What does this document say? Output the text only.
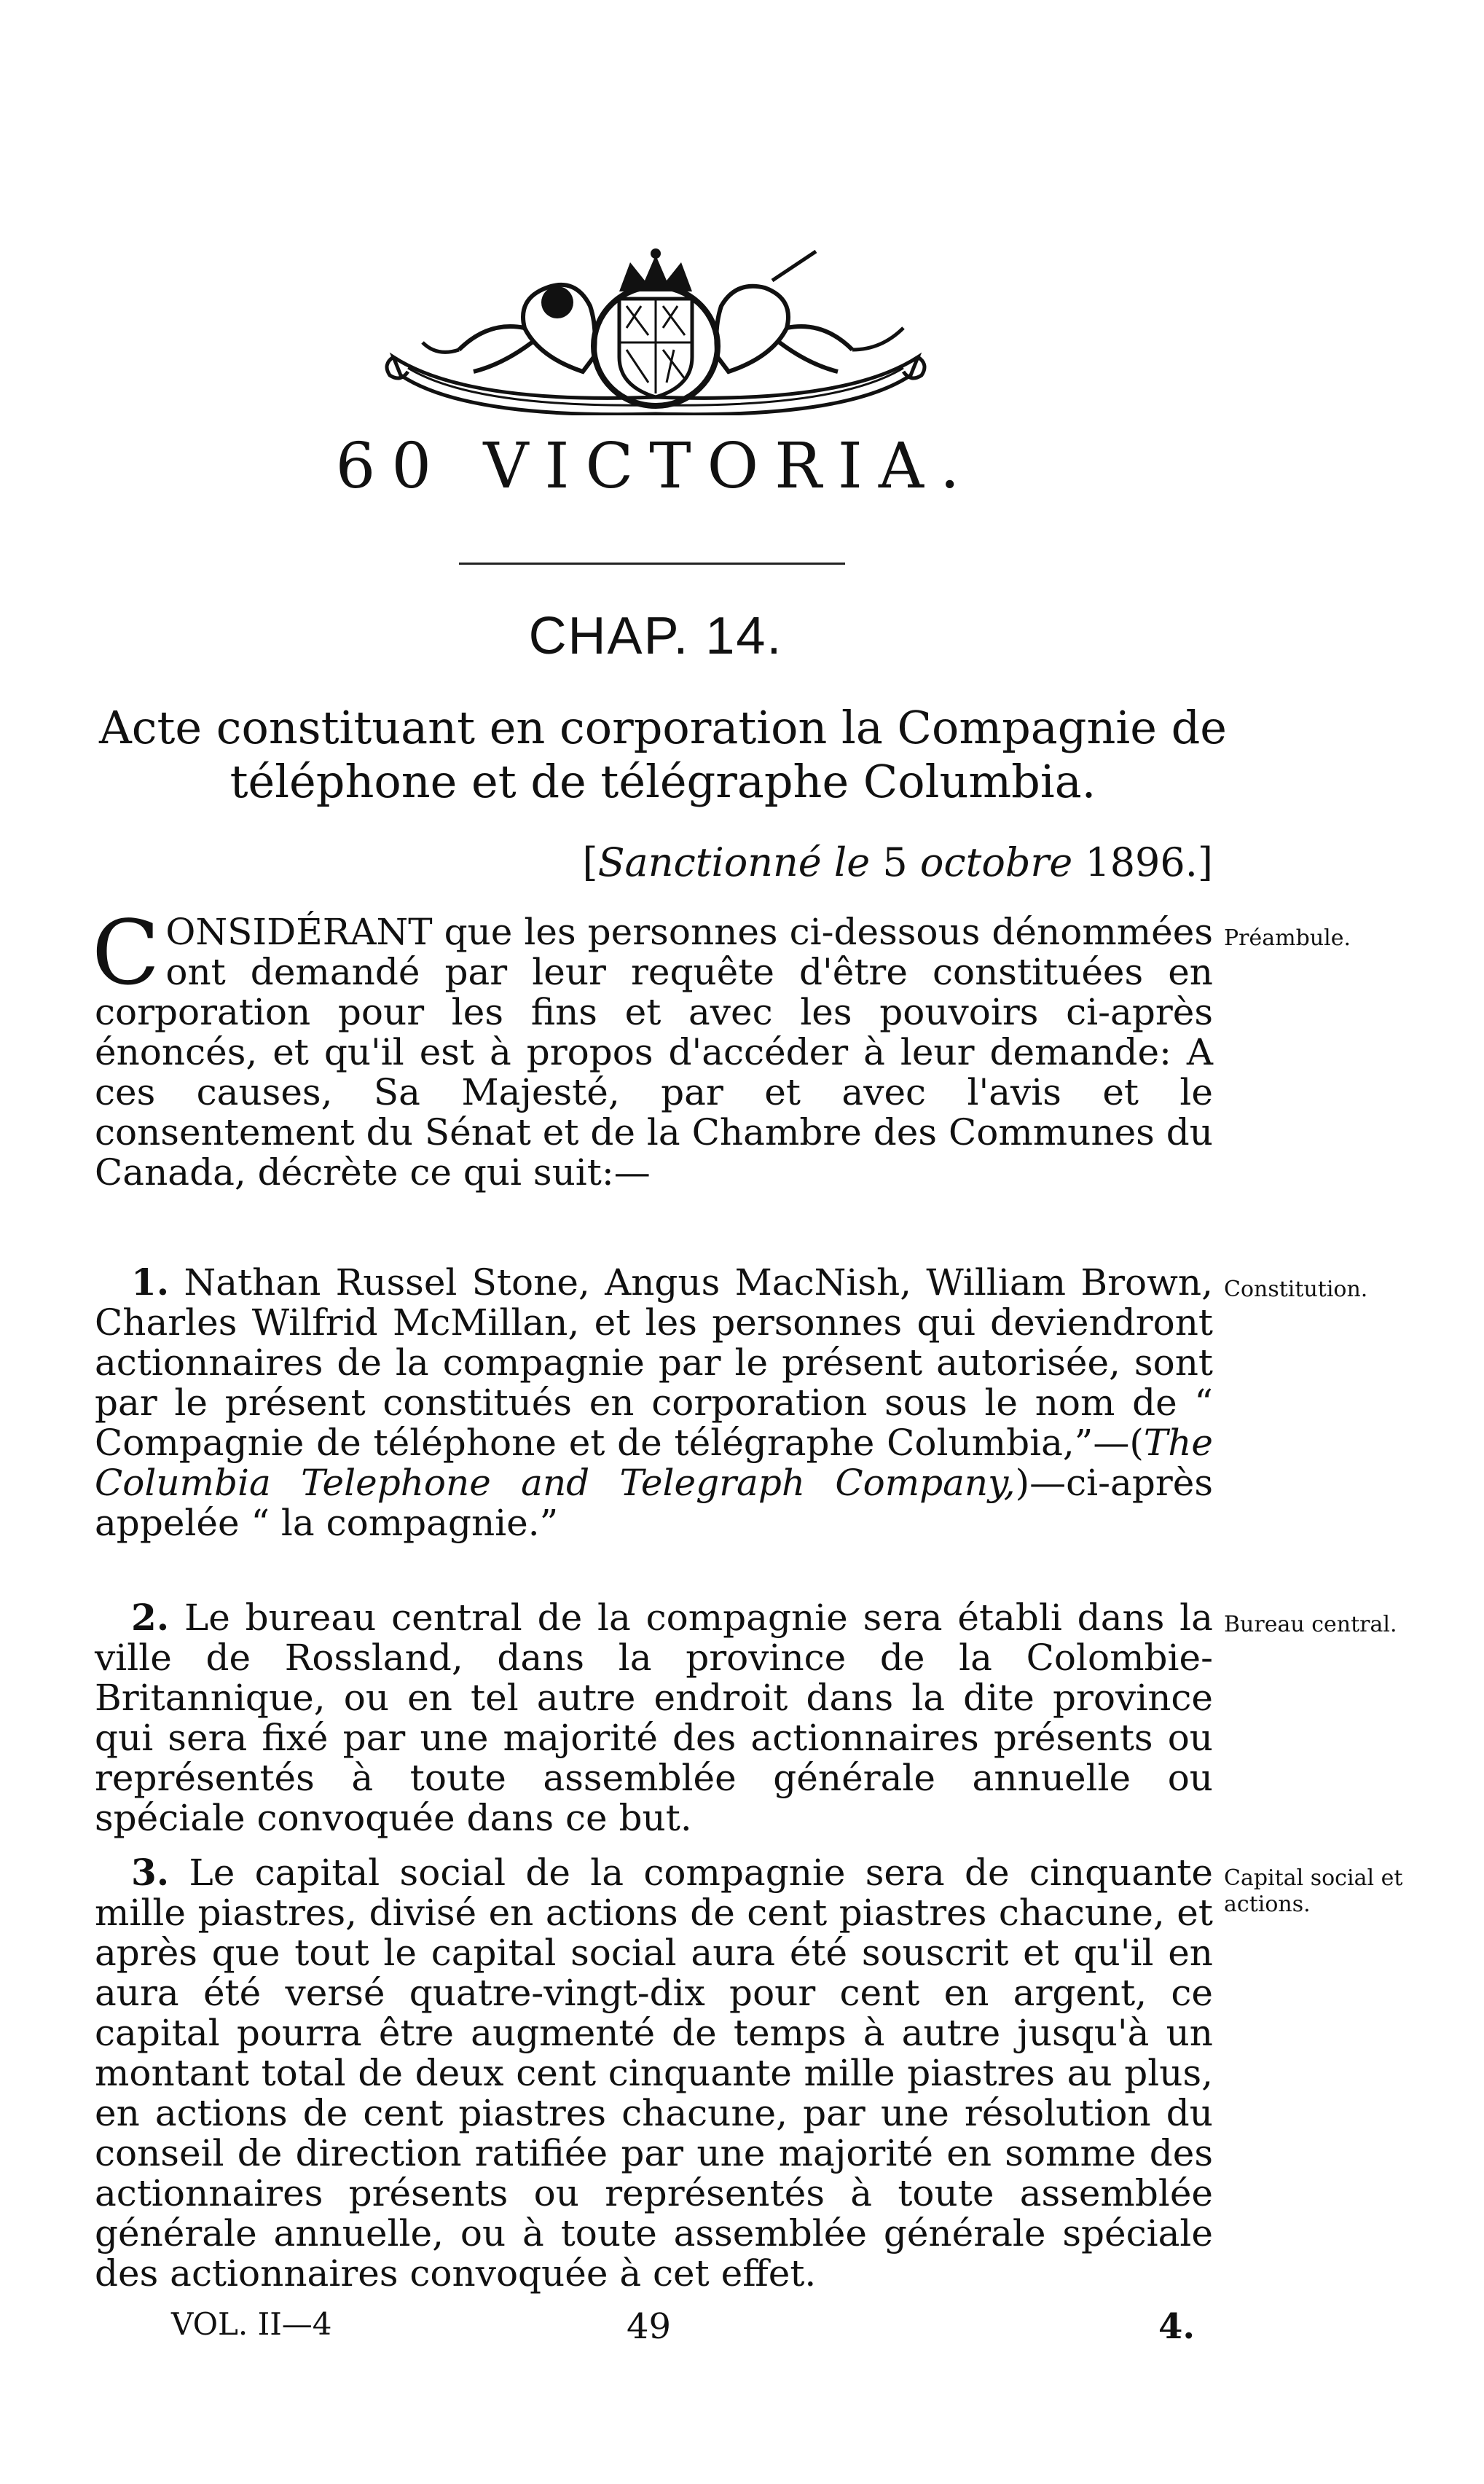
60 VICTORIA.
CHAP. 14.
Acte constituant en corporation la Compagnie de téléphone et de télégraphe Columbia.
[Sanctionné le 5 octobre 1896.]
CONSIDÉRANT que les personnes ci-dessous dénommées ont demandé par leur requête d'être constituées en corporation pour les fins et avec les pouvoirs ci-après énoncés, et qu'il est à propos d'accéder à leur demande: A ces causes, Sa Majesté, par et avec l'avis et le consentement du Sénat et de la Chambre des Communes du Canada, décrète ce qui suit:—
Préambule.
1. Nathan Russel Stone, Angus MacNish, William Brown, Charles Wilfrid McMillan, et les personnes qui deviendront actionnaires de la compagnie par le présent autorisée, sont par le présent constitués en corporation sous le nom de “ Compagnie de téléphone et de télégraphe Columbia,”—(The Columbia Telephone and Telegraph Company,)—ci-après appelée “ la compagnie.”
Constitution.
2. Le bureau central de la compagnie sera établi dans la ville de Rossland, dans la province de la Colombie-Britannique, ou en tel autre endroit dans la dite province qui sera fixé par une majorité des actionnaires présents ou représentés à toute assemblée générale annuelle ou spéciale convoquée dans ce but.
Bureau central.
3. Le capital social de la compagnie sera de cinquante mille piastres, divisé en actions de cent piastres chacune, et après que tout le capital social aura été souscrit et qu'il en aura été versé quatre-vingt-dix pour cent en argent, ce capital pourra être augmenté de temps à autre jusqu'à un montant total de deux cent cinquante mille piastres au plus, en actions de cent piastres chacune, par une résolution du conseil de direction ratifiée par une majorité en somme des actionnaires présents ou représentés à toute assemblée générale annuelle, ou à toute assemblée générale spéciale des actionnaires convoquée à cet effet.
Capital social et actions.
VOL. II—4	49	4.
